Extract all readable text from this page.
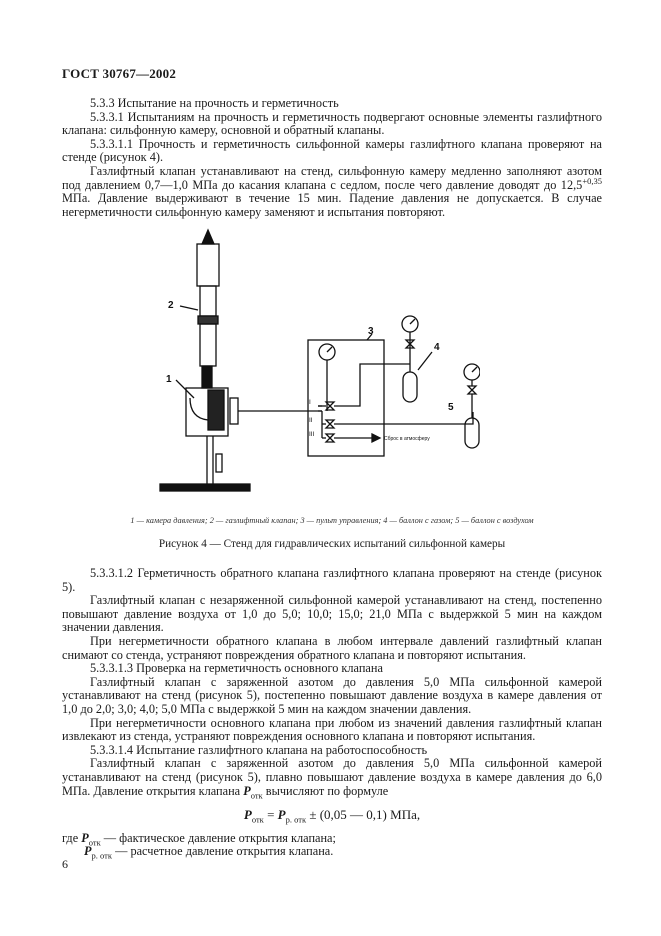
ГОСТ 30767—2002

5.3.3 Испытание на прочность и герметичность

5.3.3.1 Испытаниям на прочность и герметичность подвергают основные элементы газлифтного клапана: сильфонную камеру, основной и обратный клапаны.

5.3.3.1.1 Прочность и герметичность сильфонной камеры газлифтного клапана проверяют на стенде (рисунок 4).

Газлифтный клапан устанавливают на стенд, сильфонную камеру медленно заполняют азотом под давлением 0,7—1,0 МПа до касания клапана с седлом, после чего давление доводят до $12,5^{+0,35}$ МПа. Давление выдерживают в течение 15 мин. Падение давления не допускается. В случае негерметичности сильфонную камеру заменяют и испытания повторяют.

2
1
3
4
5
I
II
III
Сброс в атмосферу
1 — камера давления; 2 — газлифтный клапан; 3 — пульт управления; 4 — баллон с газом; 5 — баллон с воздухом
Рисунок 4 — Стенд для гидравлических испытаний сильфонной камеры

5.3.3.1.2 Герметичность обратного клапана газлифтного клапана проверяют на стенде (рисунок 5).

Газлифтный клапан с незаряженной сильфонной камерой устанавливают на стенд, постепенно повышают давление воздуха от 1,0 до 5,0; 10,0; 15,0; 21,0 МПа с выдержкой 5 мин на каждом значении давления.

При негерметичности обратного клапана в любом интервале давлений газлифтный клапан снимают со стенда, устраняют повреждения обратного клапана и повторяют испытания.

5.3.3.1.3 Проверка на герметичность основного клапана

Газлифтный клапан с заряженной азотом до давления 5,0 МПа сильфонной камерой устанавливают на стенд (рисунок 5), постепенно повышают давление воздуха в камере давления от 1,0 до 2,0; 3,0; 4,0; 5,0 МПа с выдержкой 5 мин на каждом значении давления.

При негерметичности основного клапана при любом из значений давления газлифтный клапан извлекают из стенда, устраняют повреждения основного клапана и повторяют испытания.

5.3.3.1.4 Испытание газлифтного клапана на работоспособность

Газлифтный клапан с заряженной азотом до давления 5,0 МПа сильфонной камерой устанавливают на стенд (рисунок 5), плавно повышают давление воздуха в камере давления до 6,0 МПа. Давление открытия клапана $P_{отк}$ вычисляют по формуле

$P_{отк} = P_{р. отк} \pm (0,05$ — 0,1) МПа,

где $P_{отк}$ — фактическое давление открытия клапана;

$P_{р. отк}$ — расчетное давление открытия клапана.

6
